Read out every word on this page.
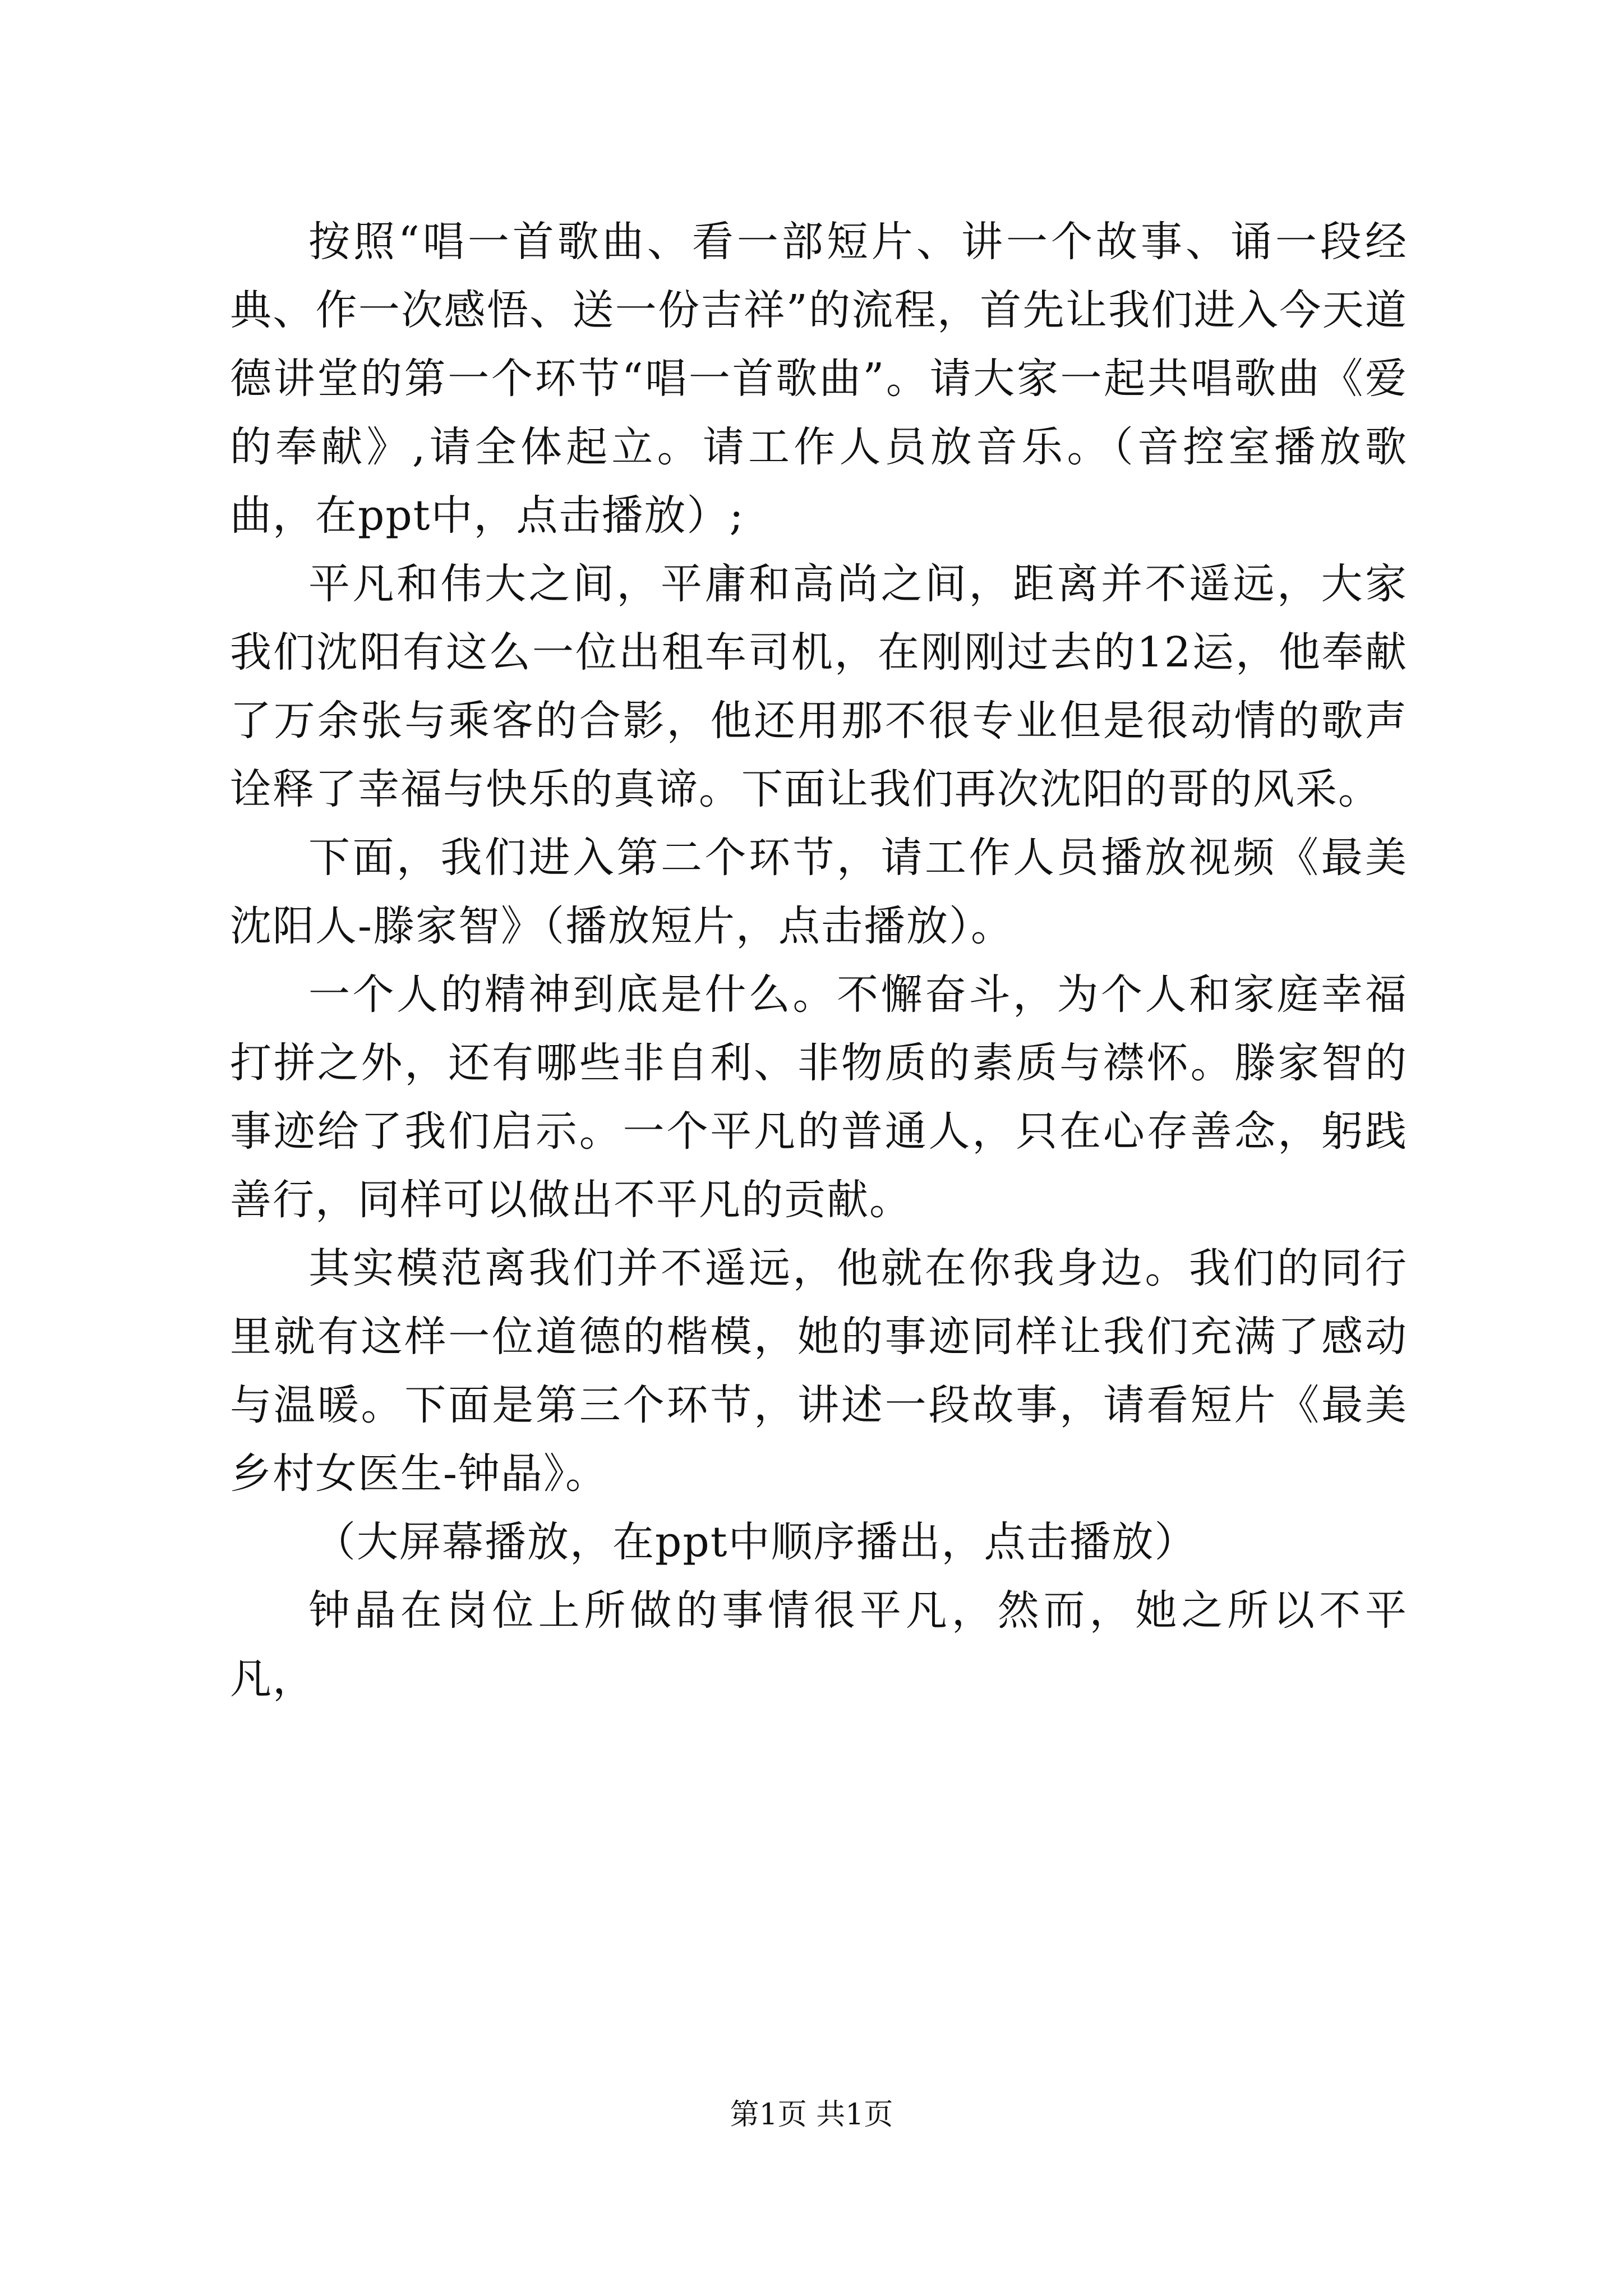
按照“唱一首歌曲、看一部短片、讲一个故事、诵一段经典、作一次感悟、送一份吉祥”的流程，首先让我们进入今天道德讲堂的第一个环节“唱一首歌曲”。请大家一起共唱歌曲《爱的奉献》,请全体起立。请工作人员放音乐。（音控室播放歌曲，在ppt中，点击播放）;

平凡和伟大之间，平庸和高尚之间，距离并不遥远，大家我们沈阳有这么一位出租车司机，在刚刚过去的12运，他奉献了万余张与乘客的合影，他还用那不很专业但是很动情的歌声诠释了幸福与快乐的真谛。下面让我们再次沈阳的哥的风采。

下面，我们进入第二个环节，请工作人员播放视频《最美沈阳人-滕家智》（播放短片，点击播放）。

一个人的精神到底是什么。不懈奋斗，为个人和家庭幸福打拼之外，还有哪些非自利、非物质的素质与襟怀。滕家智的事迹给了我们启示。一个平凡的普通人，只在心存善念，躬践善行，同样可以做出不平凡的贡献。

其实模范离我们并不遥远，他就在你我身边。我们的同行里就有这样一位道德的楷模，她的事迹同样让我们充满了感动与温暖。下面是第三个环节，讲述一段故事，请看短片《最美乡村女医生-钟晶》。

（大屏幕播放，在ppt中顺序播出，点击播放）

钟晶在岗位上所做的事情很平凡，然而，她之所以不平凡，

第1页 共1页
